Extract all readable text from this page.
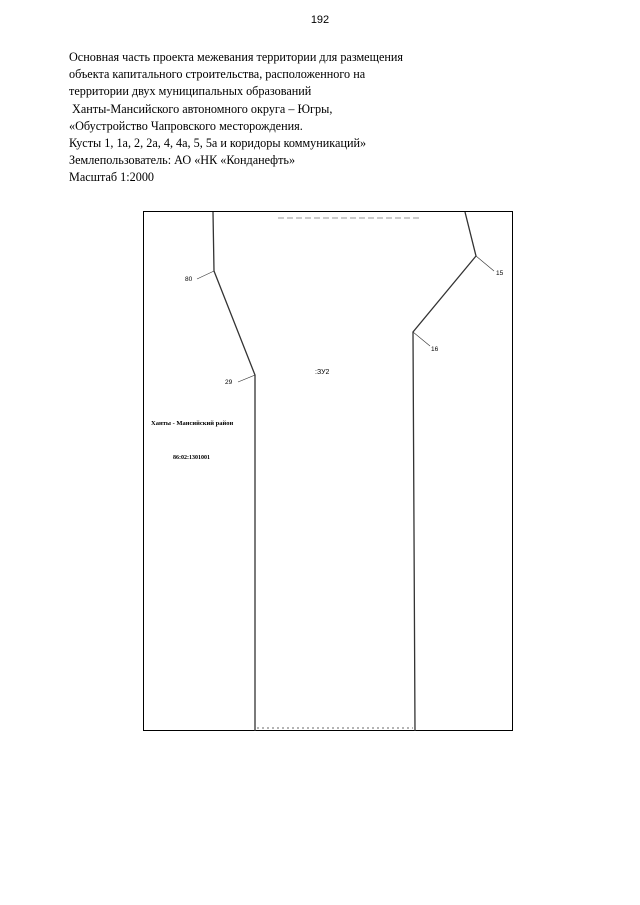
192
Основная часть проекта межевания территории для размещения
объекта капитального строительства, расположенного на
территории двух муниципальных образований
Ханты-Мансийского автономного округа – Югры,
«Обустройство Чапровского месторождения.
Кусты 1, 1а, 2, 2а, 4, 4а, 5, 5а и коридоры коммуникаций»
Землепользователь: АО «НК «Конданефть»
Масштаб 1:2000
80
29
15
16
:ЗУ2
Ханты - Мансийский район
86:02:1301001
